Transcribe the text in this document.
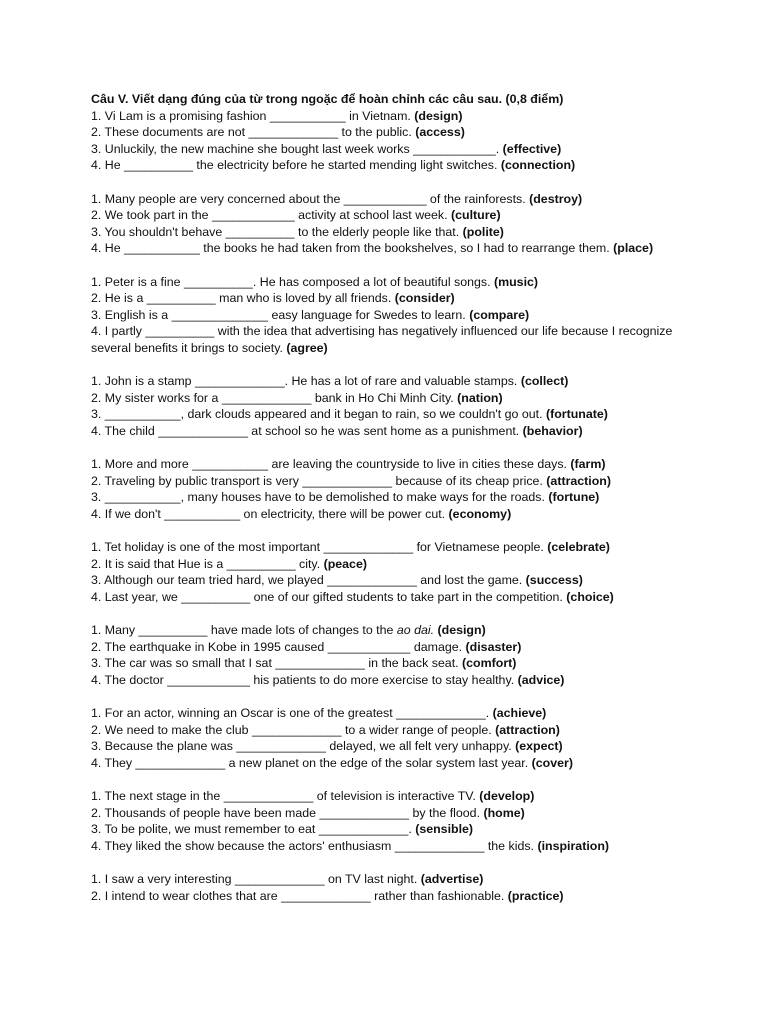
Câu V. Viết dạng đúng của từ trong ngoặc để hoàn chỉnh các câu sau. (0,8 điểm)
1. Vi Lam is a promising fashion ___________ in Vietnam. (design)
2. These documents are not _____________ to the public. (access)
3. Unluckily, the new machine she bought last week works ____________. (effective)
4. He __________ the electricity before he started mending light switches. (connection)
1. Many people are very concerned about the ____________ of the rainforests. (destroy)
2. We took part in the ____________ activity at school last week. (culture)
3. You shouldn't behave __________ to the elderly people like that. (polite)
4. He ___________ the books he had taken from the bookshelves, so I had to rearrange them. (place)
1. Peter is a fine __________. He has composed a lot of beautiful songs. (music)
2. He is a __________ man who is loved by all friends. (consider)
3. English is a ______________ easy language for Swedes to learn. (compare)
4. I partly __________ with the idea that advertising has negatively influenced our life because I recognize several benefits it brings to society. (agree)
1. John is a stamp _____________. He has a lot of rare and valuable stamps. (collect)
2. My sister works for a _____________ bank in Ho Chi Minh City. (nation)
3. ___________, dark clouds appeared and it began to rain, so we couldn't go out. (fortunate)
4. The child _____________ at school so he was sent home as a punishment. (behavior)
1. More and more ___________ are leaving the countryside to live in cities these days. (farm)
2. Traveling by public transport is very _____________ because of its cheap price. (attraction)
3. ___________, many houses have to be demolished to make ways for the roads. (fortune)
4. If we don't ___________ on electricity, there will be power cut. (economy)
1. Tet holiday is one of the most important _____________ for Vietnamese people. (celebrate)
2. It is said that Hue is a __________ city. (peace)
3. Although our team tried hard, we played _____________ and lost the game. (success)
4. Last year, we __________ one of our gifted students to take part in the competition. (choice)
1. Many __________ have made lots of changes to the ao dai. (design)
2. The earthquake in Kobe in 1995 caused ____________ damage. (disaster)
3. The car was so small that I sat _____________ in the back seat. (comfort)
4. The doctor ____________ his patients to do more exercise to stay healthy. (advice)
1. For an actor, winning an Oscar is one of the greatest _____________. (achieve)
2. We need to make the club _____________ to a wider range of people. (attraction)
3. Because the plane was _____________ delayed, we all felt very unhappy. (expect)
4. They _____________ a new planet on the edge of the solar system last year. (cover)
1. The next stage in the _____________ of television is interactive TV. (develop)
2. Thousands of people have been made _____________ by the flood. (home)
3. To be polite, we must remember to eat _____________. (sensible)
4. They liked the show because the actors' enthusiasm _____________ the kids. (inspiration)
1. I saw a very interesting _____________ on TV last night. (advertise)
2. I intend to wear clothes that are _____________ rather than fashionable. (practice)
